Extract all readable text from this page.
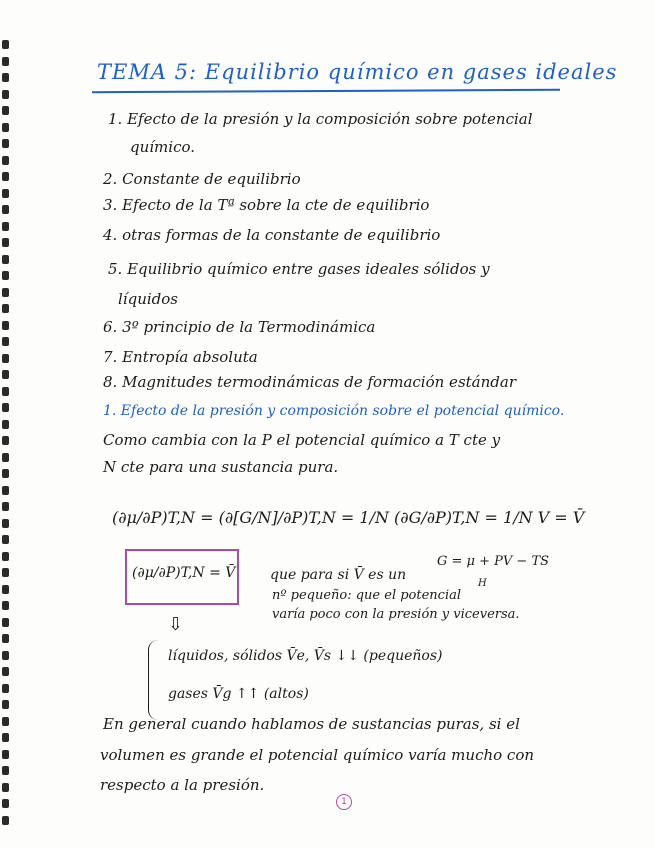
TEMA 5: Equilibrio químico en gases ideales
1. Efecto de la presión y la composición sobre potencial
químico.
2. Constante de equilibrio
3. Efecto de la Tª sobre la cte de equilibrio
4. otras formas de la constante de equilibrio
5. Equilibrio químico entre gases ideales sólidos y
líquidos
6. 3º principio de la Termodinámica
7. Entropía absoluta
8. Magnitudes termodinámicas de formación estándar
1. Efecto de la presión y composición sobre el potencial químico.
Como cambia con la P el potencial químico a T cte y
N cte para una sustancia pura.
(∂μ/∂P)T,N = (∂[G/N]/∂P)T,N = 1/N (∂G/∂P)T,N = 1/N V = V̄
G = μ + PV − TS
H
(∂μ/∂P)T,N = V̄ que para si V̄ es un
nº pequeño: que el potencial
varía poco con la presión y viceversa.
⇩
líquidos, sólidos V̄e, V̄s ↓↓ (pequeños)
gases V̄g ↑↑ (altos)
En general cuando hablamos de sustancias puras, si el
volumen es grande el potencial químico varía mucho con
respecto a la presión.
1
